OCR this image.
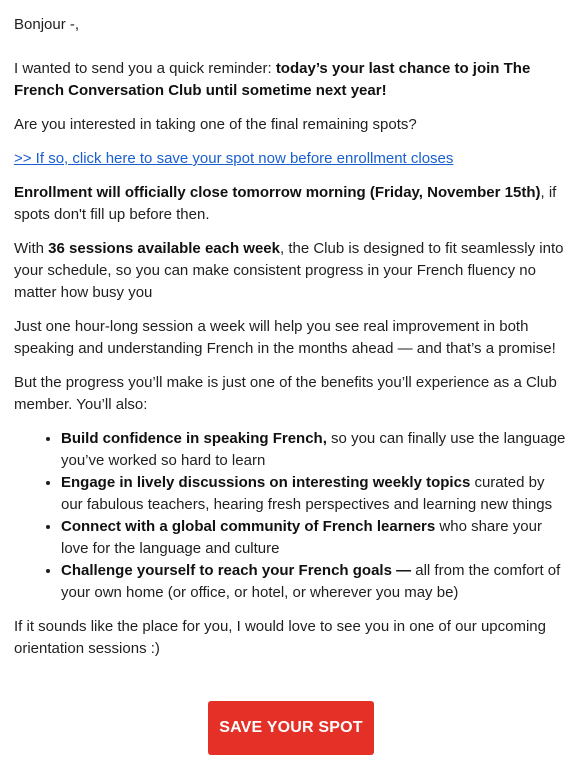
Bonjour -,

I wanted to send you a quick reminder: today’s your last chance to join The French Conversation Club until sometime next year!

Are you interested in taking one of the final remaining spots?

>> If so, click here to save your spot now before enrollment closes

Enrollment will officially close tomorrow morning (Friday, November 15th), if spots don't fill up before then.

With 36 sessions available each week, the Club is designed to fit seamlessly into your schedule, so you can make consistent progress in your French fluency no matter how busy you

Just one hour-long session a week will help you see real improvement in both speaking and understanding French in the months ahead — and that’s a promise!

But the progress you’ll make is just one of the benefits you’ll experience as a Club member. You’ll also:

• Build confidence in speaking French, so you can finally use the language you’ve worked so hard to learn
• Engage in lively discussions on interesting weekly topics curated by our fabulous teachers, hearing fresh perspectives and learning new things
• Connect with a global community of French learners who share your love for the language and culture
• Challenge yourself to reach your French goals — all from the comfort of your own home (or office, or hotel, or wherever you may be)

If it sounds like the place for you, I would love to see you in one of our upcoming orientation sessions :)

SAVE YOUR SPOT
